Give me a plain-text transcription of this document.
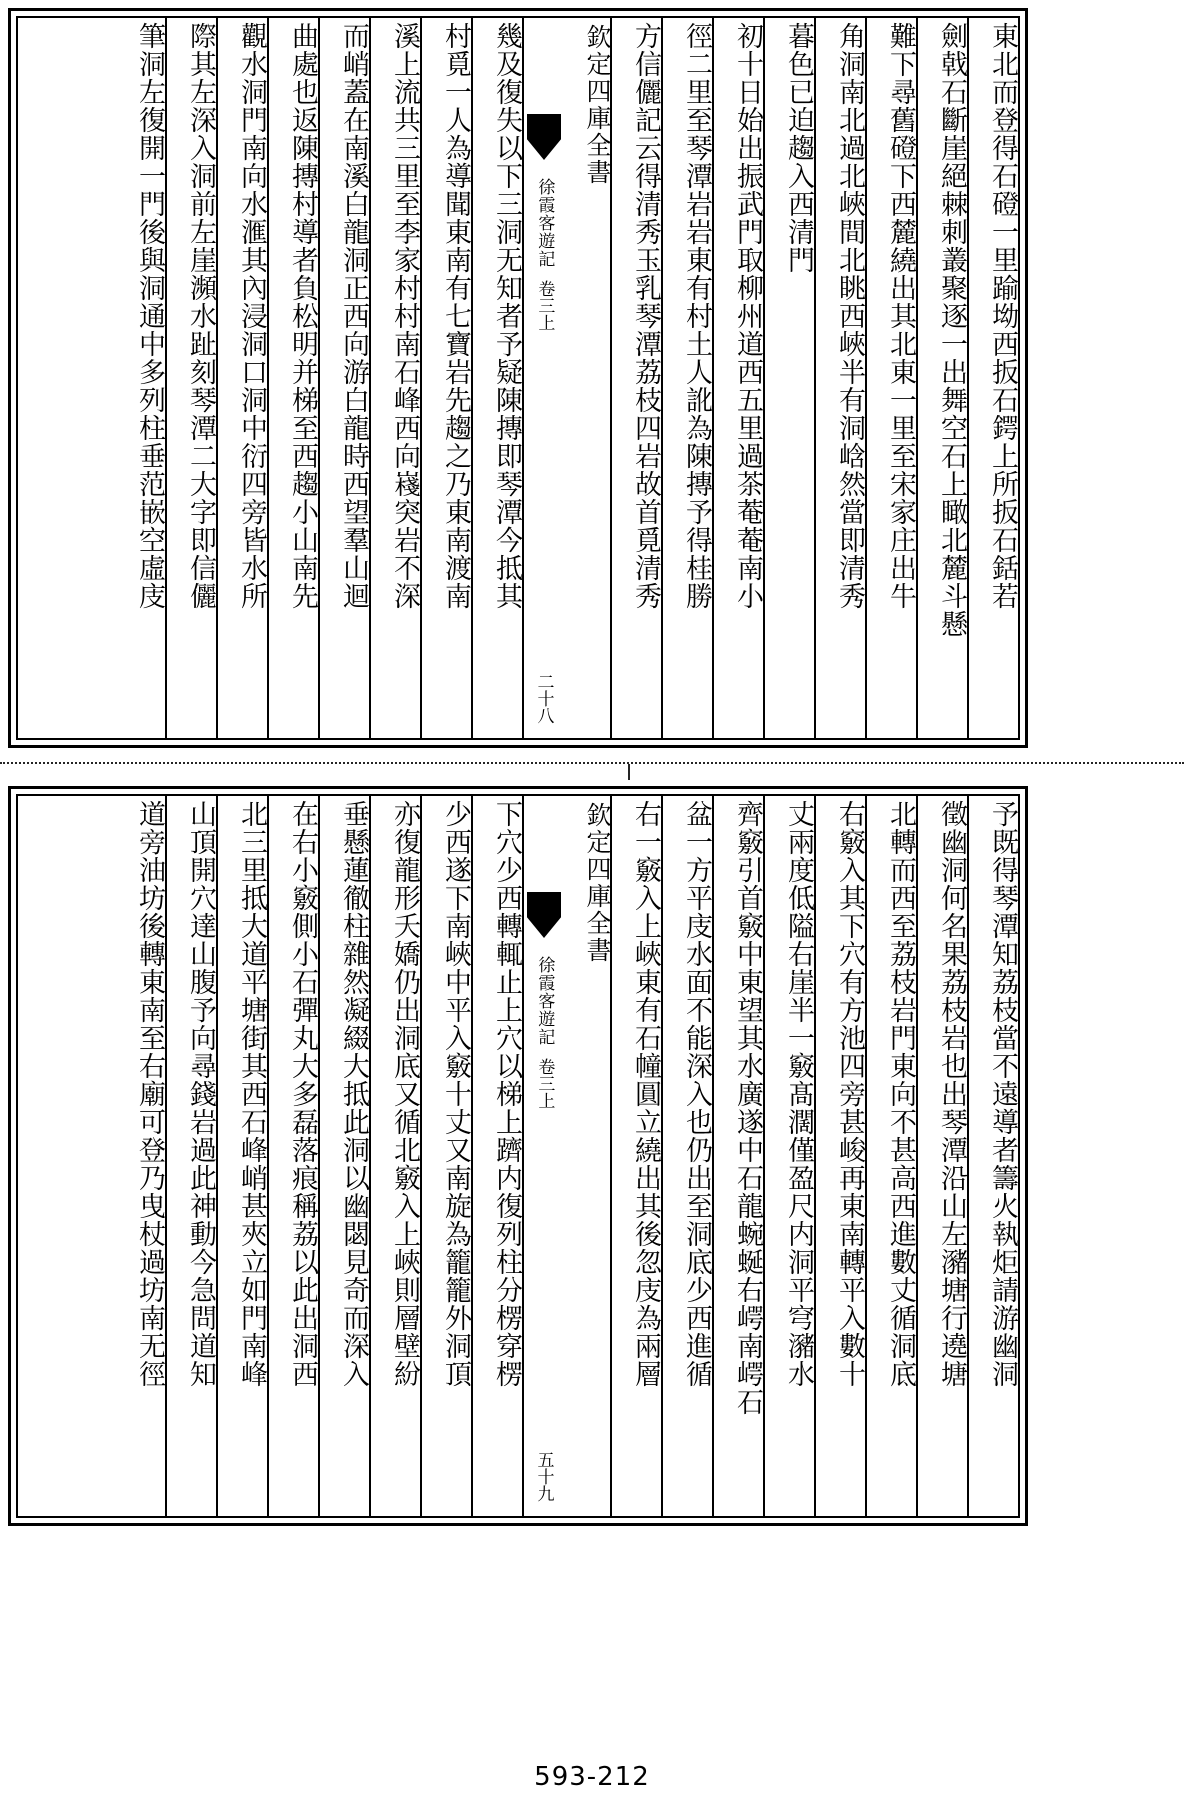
東北而登得石磴一里踰坳西扳石鍔上所扳石銛若
劍戟石斷崖絕棘刺叢聚逐一出舞空石上瞰北麓斗懸
難下尋舊磴下西麓繞出其北東一里至宋家庄出牛
角洞南北過北峽間北眺西峽半有洞㟏然當即清秀
暮色已迫趨入西清門
初十日始出振武門取柳州道西五里過茶菴菴南小
徑二里至琴潭岩岩東有村土人訛為陳摶予得桂勝
方信儷記云得清秀玉乳琴潭荔枝四岩故首覓清秀
欽定四庫全書
徐霞客遊記
卷三上
二十八
幾及復失以下三洞无知者予疑陳摶即琴潭今抵其
村覓一人為導聞東南有七寶岩先趨之乃東南渡南
溪上流共三里至李家村村南石峰西向嶘突岩不深
而峭蓋在南溪白龍洞正西向游白龍時西望羣山迴
曲處也返陳摶村導者負松明并梯至西趨小山南先
觀水洞門南向水滙其內浸洞口洞中衍四旁皆水所
際其左深入洞前左崖瀕水趾刻琴潭二大字即信儷
筆洞左復開一門後與洞通中多列柱垂范嵌空虛庋
予既得琴潭知荔枝當不遠導者籌火執炬請游幽洞
徵幽洞何名果荔枝岩也出琴潭沿山左瀦塘行遶塘
北轉而西至荔枝岩門東向不甚高西進數丈循洞底
右竅入其下穴有方池四旁甚峻再東南轉平入數十
丈兩度低隘右崖半一竅髙濶僅盈尺内洞平穹瀦水
齊竅引首竅中東望其水廣遂中石龍蜿蜒右崿南崿石
盆一方平庋水面不能深入也仍出至洞底少西進循
右一竅入上峽東有石幢圓立繞出其後忽庋為兩層
欽定四庫全書
徐霞客遊記
卷三上
五十九
下穴少西轉輒止上穴以梯上躋内復列柱分楞穿楞
少西遂下南峽中平入竅十丈又南旋為籠籠外洞頂
亦復龍形夭嬌仍出洞底又循北竅入上峽則層壁紛
垂懸蓮徹柱雜然凝綴大抵此洞以幽閟見奇而深入
在右小竅側小石彈丸大多磊落痕稱荔以此出洞西
北三里抵大道平塘街其西石峰峭甚夾立如門南峰
山頂開穴達山腹予向尋錢岩過此神動今急問道知
道旁油坊後轉東南至右廟可登乃曳杖過坊南无徑
593-212
